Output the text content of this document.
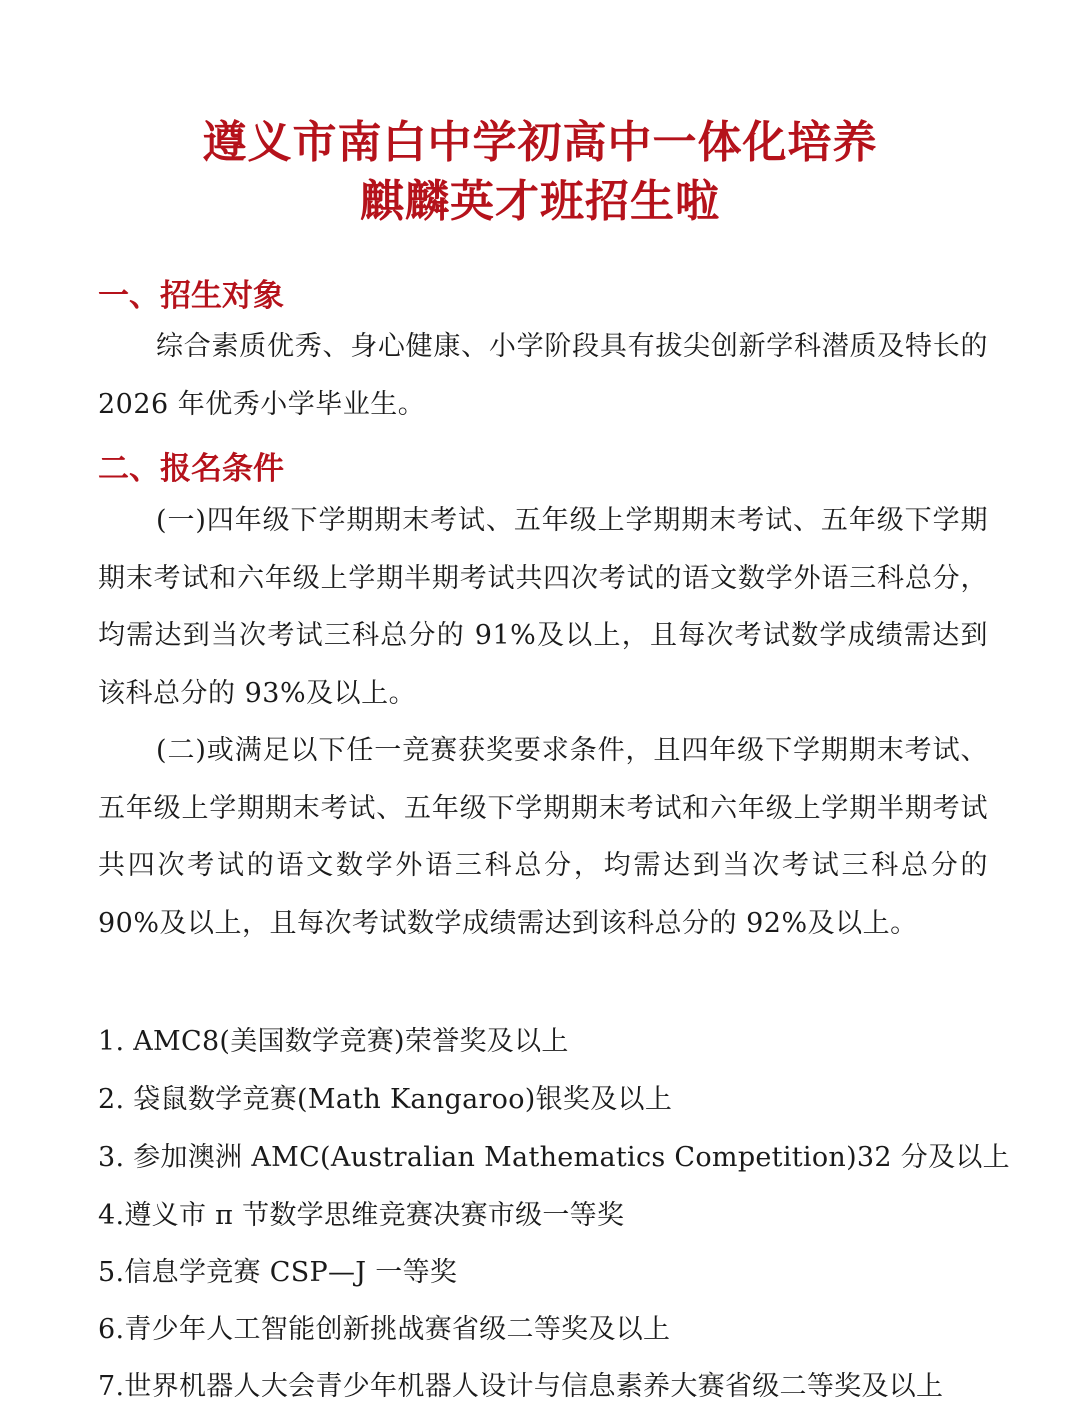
遵义市南白中学初高中一体化培养
麒麟英才班招生啦
一、招生对象
综合素质优秀、身心健康、小学阶段具有拔尖创新学科潜质及特长的 2026 年优秀小学毕业生。
二、报名条件
(一)四年级下学期期末考试、五年级上学期期末考试、五年级下学期期末考试和六年级上学期半期考试共四次考试的语文数学外语三科总分，均需达到当次考试三科总分的 91%及以上，且每次考试数学成绩需达到该科总分的 93%及以上。
(二)或满足以下任一竞赛获奖要求条件，且四年级下学期期末考试、五年级上学期期末考试、五年级下学期期末考试和六年级上学期半期考试共四次考试的语文数学外语三科总分，均需达到当次考试三科总分的 90%及以上，且每次考试数学成绩需达到该科总分的 92%及以上。
1. AMC8(美国数学竞赛)荣誉奖及以上
2. 袋鼠数学竞赛(Math Kangaroo)银奖及以上
3. 参加澳洲 AMC(Australian Mathematics Competition)32 分及以上
4.遵义市 π 节数学思维竞赛决赛市级一等奖
5.信息学竞赛 CSP—J 一等奖
6.青少年人工智能创新挑战赛省级二等奖及以上
7.世界机器人大会青少年机器人设计与信息素养大赛省级二等奖及以上
